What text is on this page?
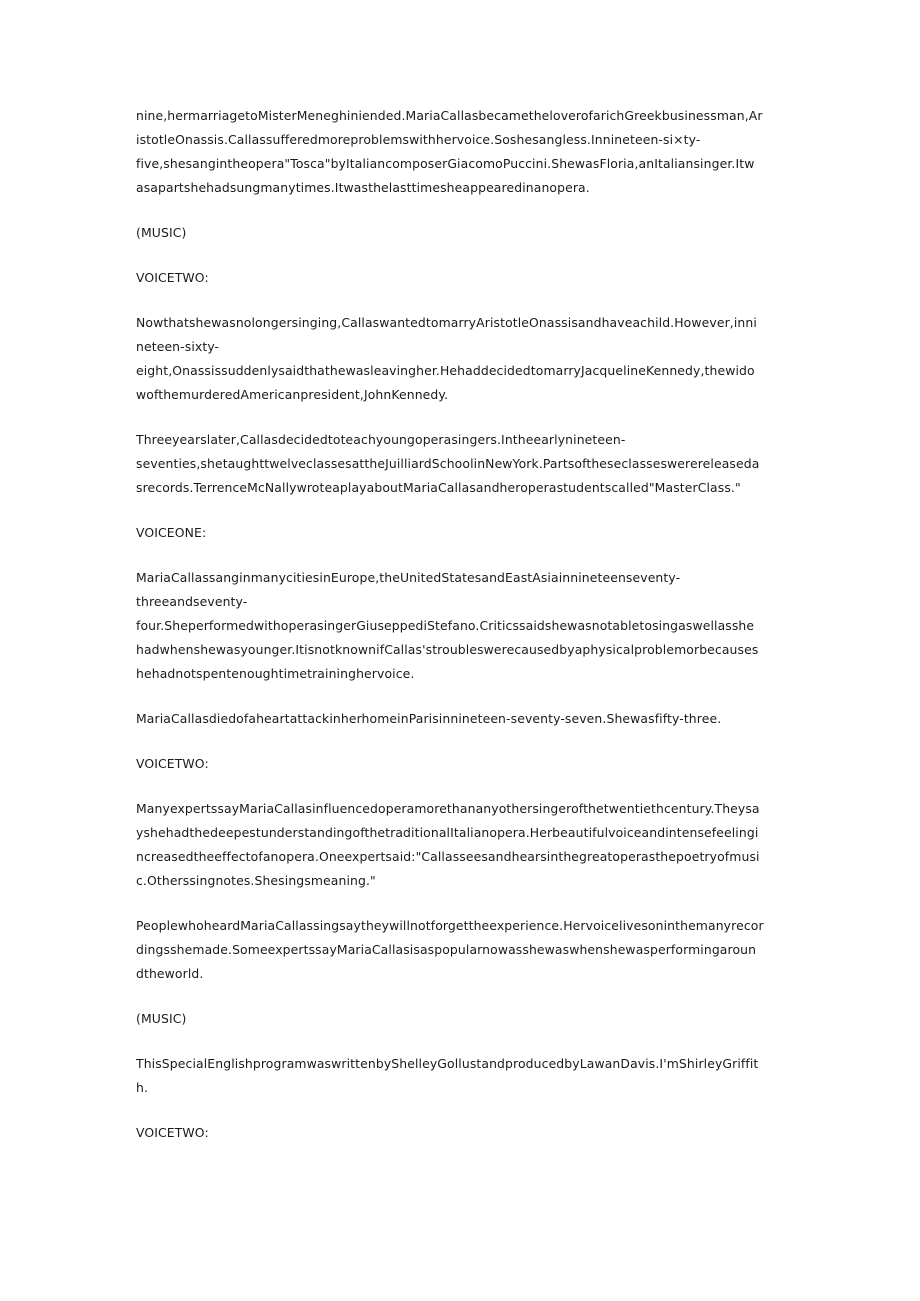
nine,hermarriagetoMisterMeneghiniended.MariaCallasbecametheloverofarichGreekbusinessman,Ar
istotleOnassis.Callassufferedmoreproblemswithhervoice.Soshesangless.Innineteen-si×ty-
five,shesangintheopera"Tosca"byItaliancomposerGiacomoPuccini.ShewasFloria,anItaliansinger.Itw
asapartshehadsungmanytimes.Itwasthelasttimesheappearedinanopera.

(MUSIC)

VOICETWO:

Nowthatshewasnolongersinging,CallaswantedtomarryAristotleOnassisandhaveachild.However,inni
neteen-sixty-
eight,Onassissuddenlysaidthathewasleavingher.HehaddecidedtomarryJacquelineKennedy,thewido
wofthemurderedAmericanpresident,JohnKennedy.

Threeyearslater,Callasdecidedtoteachyoungoperasingers.Intheearlynineteen-
seventies,shetaughttwelveclassesattheJuilliardSchoolinNewYork.Partsoftheseclasseswerereleaseda
srecords.TerrenceMcNallywroteaplayaboutMariaCallasandheroperastudentscalled"MasterClass."

VOICEONE:

MariaCallassanginmanycitiesinEurope,theUnitedStatesandEastAsiainnineteenseventy-
threeandseventy-
four.SheperformedwithoperasingerGiuseppediStefano.Criticssaidshewasnotabletosingaswellasshe
hadwhenshewasyounger.ItisnotknownifCallas'stroubleswerecausedbyaphysicalproblemorbecauses
hehadnotspentenoughtimetraininghervoice.

MariaCallasdiedofaheartattackinherhomeinParisinnineteen-seventy-seven.Shewasfifty-three.

VOICETWO:

ManyexpertssayMariaCallasinfluencedoperamorethananyothersingerofthetwentiethcentury.Theysa
yshehadthedeepestunderstandingofthetraditionalItalianopera.Herbeautifulvoiceandintensefeelingi
ncreasedtheeffectofanopera.Oneexpertsaid:"Callasseesandhearsinthegreatoperasthepoetryofmusi
c.Otherssingnotes.Shesingsmeaning."

PeoplewhoheardMariaCallassingsaytheywillnotforgettheexperience.Hervoicelivesoninthemanyrecor
dingsshemade.SomeexpertssayMariaCallasisaspopularnowasshewaswhenshewasperformingaroun
dtheworld.

(MUSIC)

ThisSpecialEnglishprogramwaswrittenbyShelleyGollustandproducedbyLawanDavis.I'mShirleyGriffit
h.

VOICETWO:
